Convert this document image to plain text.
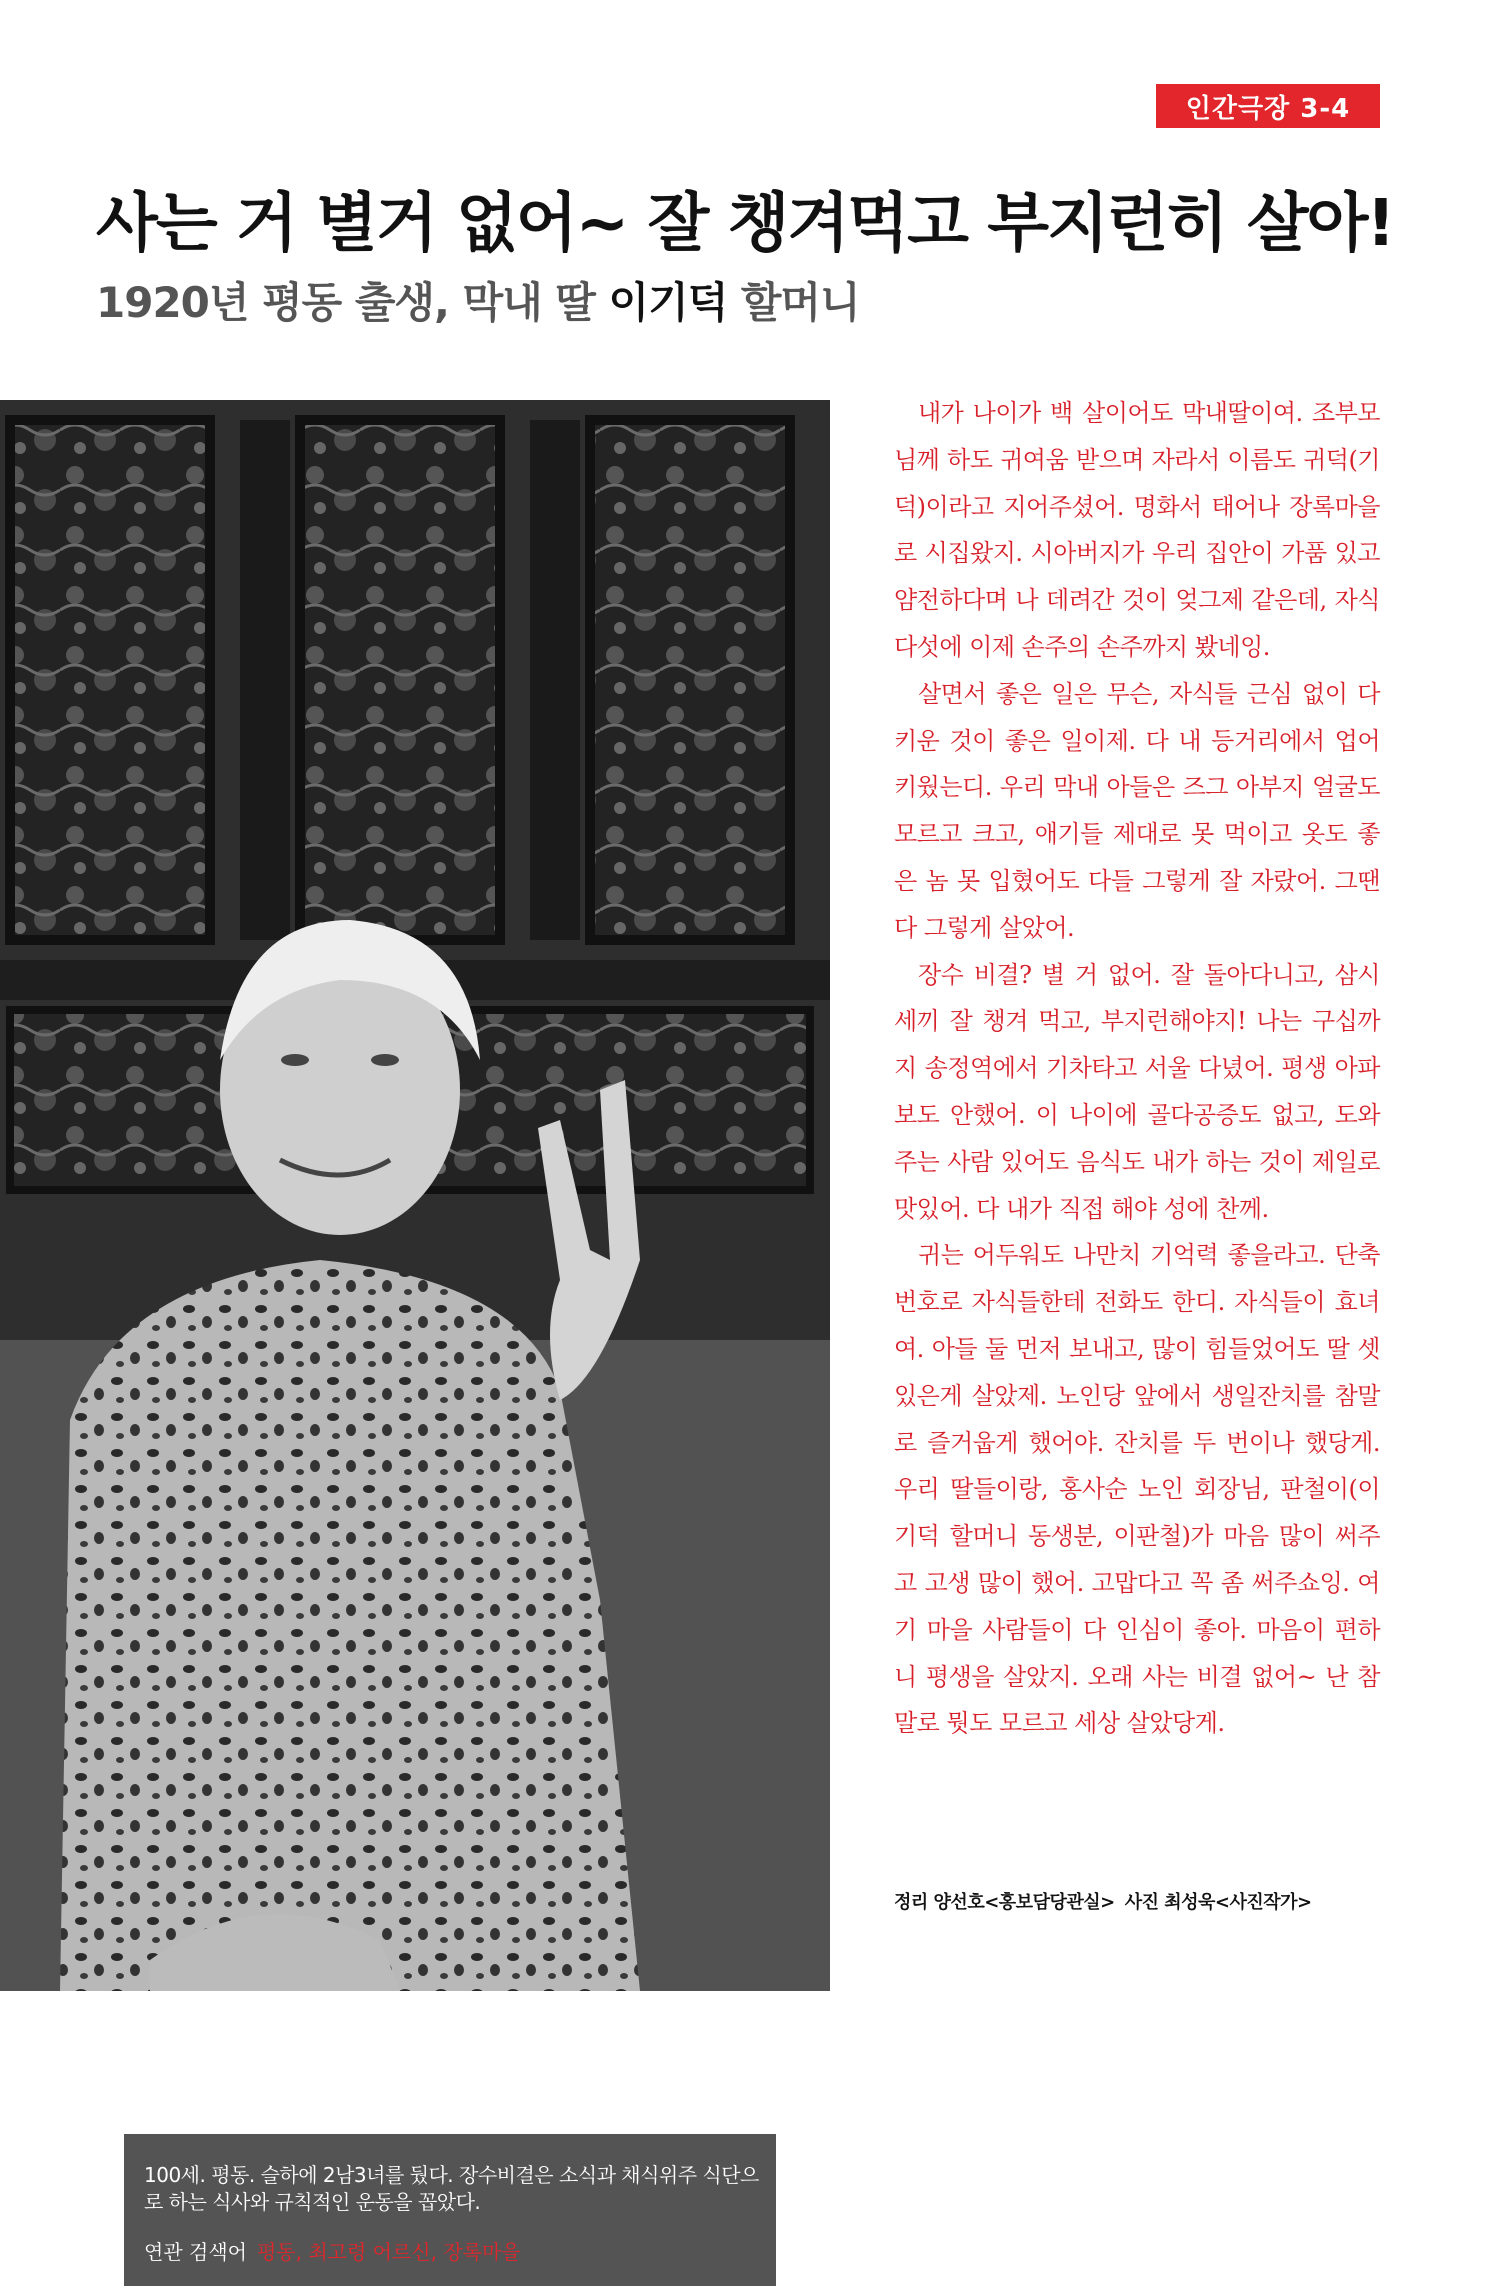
인간극장 3-4
사는 거 별거 없어~ 잘 챙겨먹고 부지런히 살아!
1920년 평동 출생, 막내 딸 이기덕 할머니
100세. 평동. 슬하에 2남3녀를 뒀다. 장수비결은 소식과 채식위주 식단으로 하는 식사와 규칙적인 운동을 꼽았다.
연관 검색어 평동, 최고령 어르신, 장록마을

내가 나이가 백 살이어도 막내딸이여. 조부모님께 하도 귀여움 받으며 자라서 이름도 귀덕(기덕)이라고 지어주셨어. 명화서 태어나 장록마을로 시집왔지. 시아버지가 우리 집안이 가품 있고 얌전하다며 나 데려간 것이 엊그제 같은데, 자식 다섯에 이제 손주의 손주까지 봤네잉.

살면서 좋은 일은 무슨, 자식들 근심 없이 다 키운 것이 좋은 일이제. 다 내 등거리에서 업어 키웠는디. 우리 막내 아들은 즈그 아부지 얼굴도 모르고 크고, 애기들 제대로 못 먹이고 옷도 좋은 놈 못 입혔어도 다들 그렇게 잘 자랐어. 그땐 다 그렇게 살았어.

장수 비결? 별 거 없어. 잘 돌아다니고, 삼시 세끼 잘 챙겨 먹고, 부지런해야지! 나는 구십까지 송정역에서 기차타고 서울 다녔어. 평생 아파보도 안했어. 이 나이에 골다공증도 없고, 도와주는 사람 있어도 음식도 내가 하는 것이 제일로 맛있어. 다 내가 직접 해야 성에 찬께.

귀는 어두워도 나만치 기억력 좋을라고. 단축번호로 자식들한테 전화도 한디. 자식들이 효녀여. 아들 둘 먼저 보내고, 많이 힘들었어도 딸 셋 있은게 살았제. 노인당 앞에서 생일잔치를 참말로 즐거웁게 했어야. 잔치를 두 번이나 했당게. 우리 딸들이랑, 홍사순 노인 회장님, 판철이(이기덕 할머니 동생분, 이판철)가 마음 많이 써주고 고생 많이 했어. 고맙다고 꼭 좀 써주쇼잉. 여기 마을 사람들이 다 인심이 좋아. 마음이 편하니 평생을 살았지. 오래 사는 비결 없어~ 난 참말로 뭣도 모르고 세상 살았당게.

정리 양선호<홍보담당관실> 사진 최성욱<사진작가>
